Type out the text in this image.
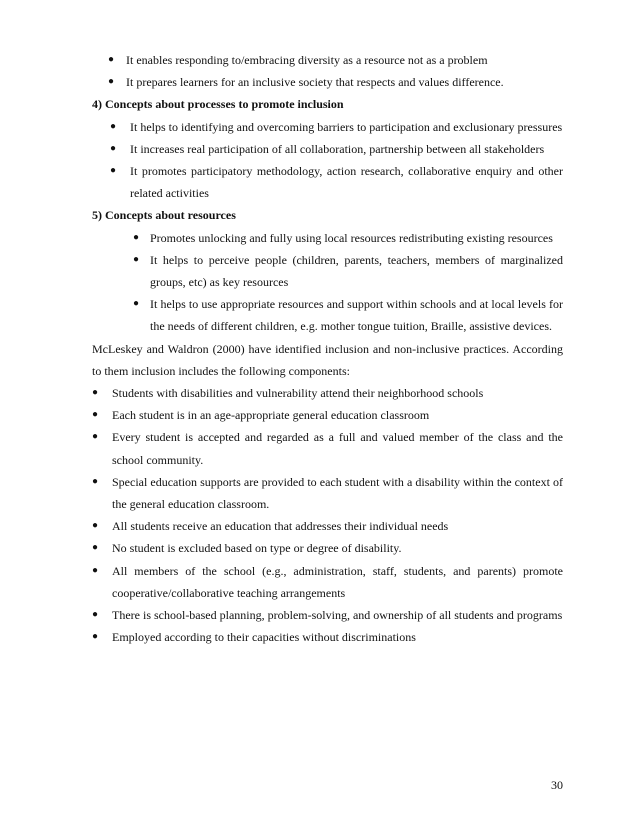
● It enables responding to/embracing diversity as a resource not as a problem
● It prepares learners for an inclusive society that respects and values difference.

4) Concepts about processes to promote inclusion

● It helps to identifying and overcoming barriers to participation and exclusionary pressures
● It increases real participation of all collaboration, partnership between all stakeholders
● It promotes participatory methodology, action research, collaborative enquiry and other related activities

5) Concepts about resources

● Promotes unlocking and fully using local resources redistributing existing resources
● It helps to perceive people (children, parents, teachers, members of marginalized groups, etc) as key resources
● It helps to use appropriate resources and support within schools and at local levels for the needs of different children, e.g. mother tongue tuition, Braille, assistive devices.

McLeskey and Waldron (2000) have identified inclusion and non-inclusive practices. According to them inclusion includes the following components:

● Students with disabilities and vulnerability attend their neighborhood schools
● Each student is in an age-appropriate general education classroom
● Every student is accepted and regarded as a full and valued member of the class and the school community.
● Special education supports are provided to each student with a disability within the context of the general education classroom.
● All students receive an education that addresses their individual needs
● No student is excluded based on type or degree of disability.
● All members of the school (e.g., administration, staff, students, and parents) promote cooperative/collaborative teaching arrangements
● There is school-based planning, problem-solving, and ownership of all students and programs
● Employed according to their capacities without discriminations

30
